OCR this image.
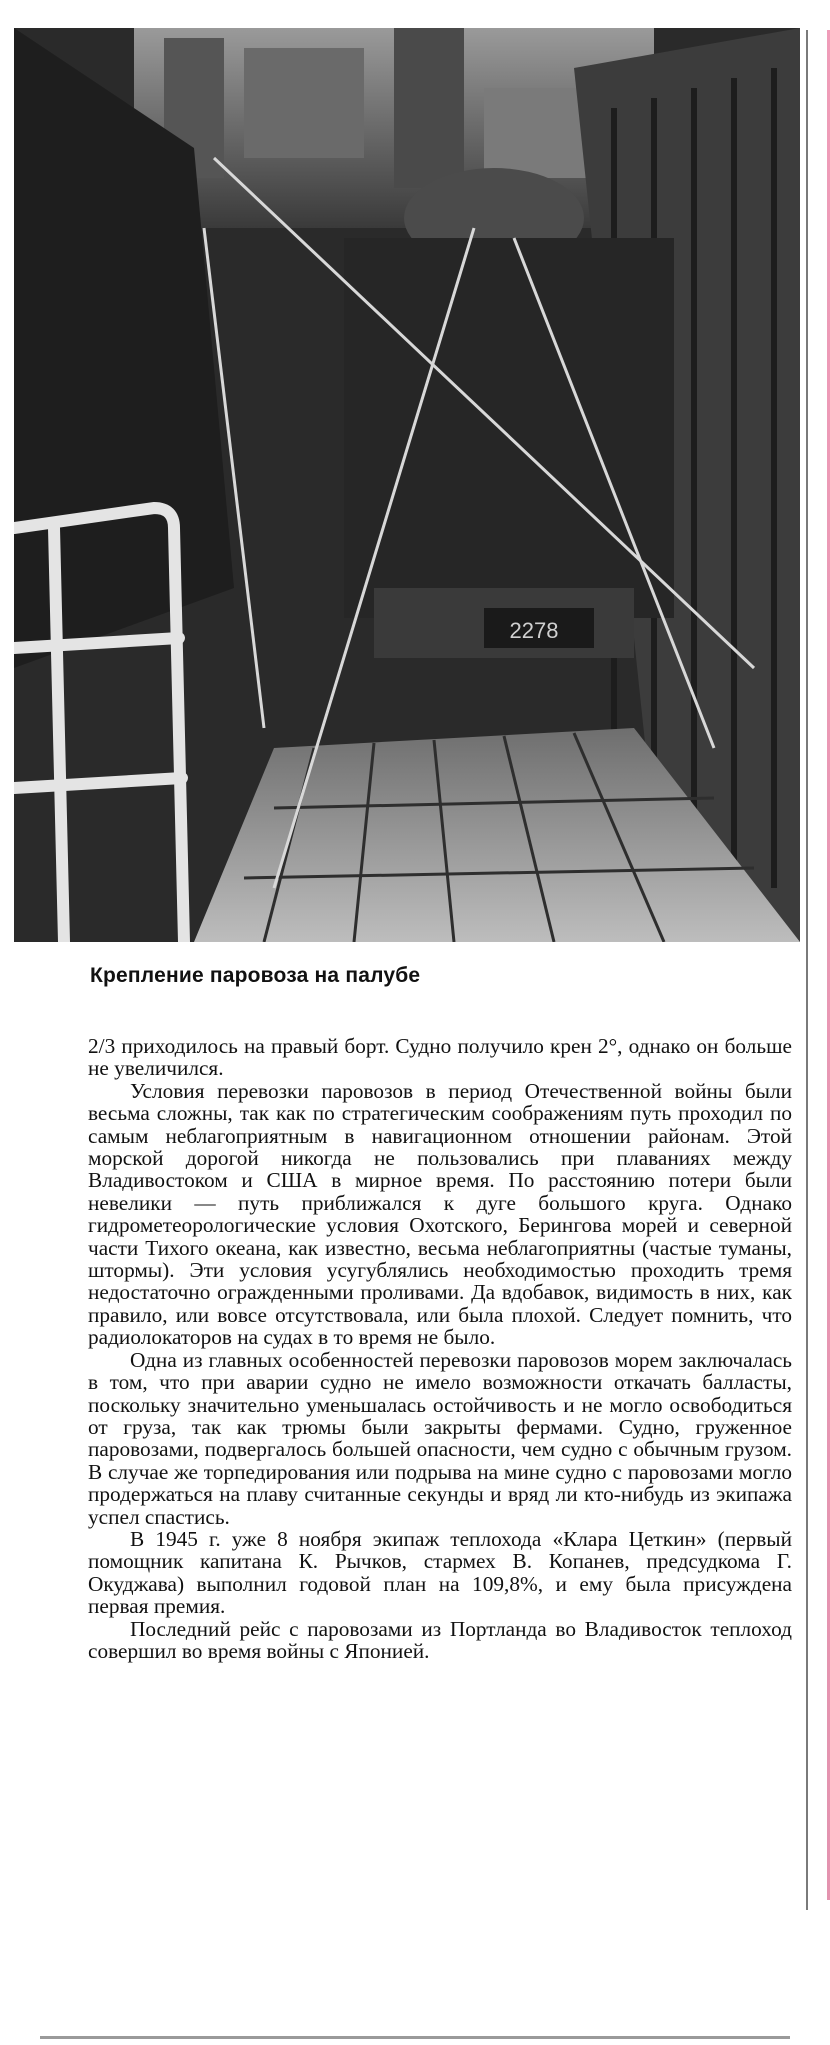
2278
Крепление паровоза на палубе

2/3 приходилось на правый борт. Судно получило крен 2°, однако он больше не увеличился.

Условия перевозки паровозов в период Отечественной войны были весьма сложны, так как по стратегическим соображениям путь проходил по самым неблагоприятным в навигационном отношении районам. Этой морской дорогой никогда не пользовались при плаваниях между Владивостоком и США в мирное время. По расстоянию потери были невелики — путь приближался к дуге большого круга. Однако гидрометеорологические условия Охотского, Берингова морей и северной части Тихого океана, как известно, весьма неблагоприятны (частые туманы, штормы). Эти условия усугублялись необходимостью проходить тремя недостаточно огражденными проливами. Да вдобавок, видимость в них, как правило, или вовсе отсутствовала, или была плохой. Следует помнить, что радиолокаторов на судах в то время не было.

Одна из главных особенностей перевозки паровозов морем заключалась в том, что при аварии судно не имело возможности откачать балласты, поскольку значительно уменьшалась остойчивость и не могло освободиться от груза, так как трюмы были закрыты фермами. Судно, груженное паровозами, подвергалось большей опасности, чем судно с обычным грузом. В случае же торпедирования или подрыва на мине судно с паровозами могло продержаться на плаву считанные секунды и вряд ли кто-нибудь из экипажа успел спастись.

В 1945 г. уже 8 ноября экипаж теплохода «Клара Цеткин» (первый помощник капитана К. Рычков, стармех В. Копанев, предсудкома Г. Окуджава) выполнил годовой план на 109,8%, и ему была присуждена первая премия.

Последний рейс с паровозами из Портланда во Владивосток теплоход совершил во время войны с Японией.
